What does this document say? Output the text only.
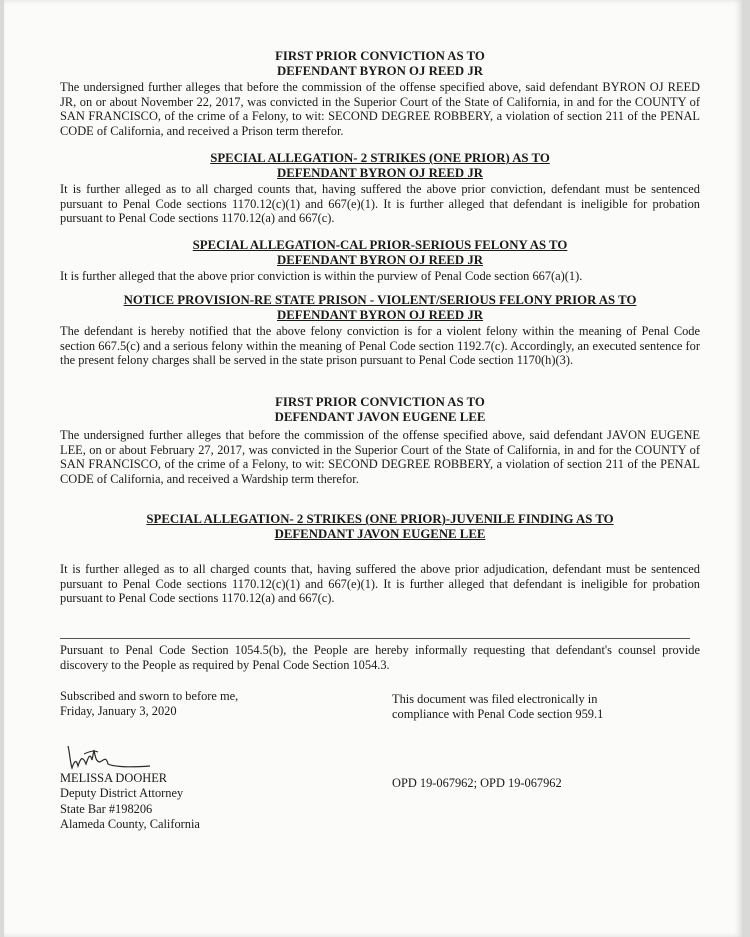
FIRST PRIOR CONVICTION AS TO
DEFENDANT BYRON OJ REED JR
The undersigned further alleges that before the commission of the offense specified above, said defendant BYRON OJ REED JR, on or about November 22, 2017, was convicted in the Superior Court of the State of California, in and for the COUNTY of SAN FRANCISCO, of the crime of a Felony, to wit: SECOND DEGREE ROBBERY, a violation of section 211 of the PENAL CODE of California, and received a Prison term therefor.
SPECIAL ALLEGATION- 2 STRIKES (ONE PRIOR) AS TO
DEFENDANT BYRON OJ REED JR
It is further alleged as to all charged counts that, having suffered the above prior conviction, defendant must be sentenced pursuant to Penal Code sections 1170.12(c)(1) and 667(e)(1). It is further alleged that defendant is ineligible for probation pursuant to Penal Code sections 1170.12(a) and 667(c).
SPECIAL ALLEGATION-CAL PRIOR-SERIOUS FELONY AS TO
DEFENDANT BYRON OJ REED JR
It is further alleged that the above prior conviction is within the purview of Penal Code section 667(a)(1).
NOTICE PROVISION-RE STATE PRISON - VIOLENT/SERIOUS FELONY PRIOR AS TO
DEFENDANT BYRON OJ REED JR
The defendant is hereby notified that the above felony conviction is for a violent felony within the meaning of Penal Code section 667.5(c) and a serious felony within the meaning of Penal Code section 1192.7(c). Accordingly, an executed sentence for the present felony charges shall be served in the state prison pursuant to Penal Code section 1170(h)(3).
FIRST PRIOR CONVICTION AS TO
DEFENDANT JAVON EUGENE LEE
The undersigned further alleges that before the commission of the offense specified above, said defendant JAVON EUGENE LEE, on or about February 27, 2017, was convicted in the Superior Court of the State of California, in and for the COUNTY of SAN FRANCISCO, of the crime of a Felony, to wit: SECOND DEGREE ROBBERY, a violation of section 211 of the PENAL CODE of California, and received a Wardship term therefor.
SPECIAL ALLEGATION- 2 STRIKES (ONE PRIOR)-JUVENILE FINDING AS TO
DEFENDANT JAVON EUGENE LEE
It is further alleged as to all charged counts that, having suffered the above prior adjudication, defendant must be sentenced pursuant to Penal Code sections 1170.12(c)(1) and 667(e)(1). It is further alleged that defendant is ineligible for probation pursuant to Penal Code sections 1170.12(a) and 667(c).
Pursuant to Penal Code Section 1054.5(b), the People are hereby informally requesting that defendant's counsel provide discovery to the People as required by Penal Code Section 1054.3.
Subscribed and sworn to before me,
Friday, January 3, 2020
This document was filed electronically in
compliance with Penal Code section 959.1
MELISSA DOOHER
Deputy District Attorney
State Bar #198206
Alameda County, California
OPD 19-067962; OPD 19-067962
